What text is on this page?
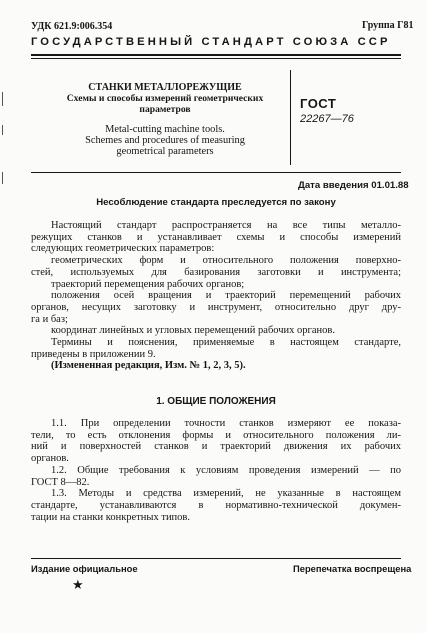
УДК 621.9:006.354	Группа Г81
ГОСУДАРСТВЕННЫЙ СТАНДАРТ СОЮЗА ССР
СТАНКИ МЕТАЛЛОРЕЖУЩИЕ
Схемы и способы измерений геометрических
параметров
Metal-cutting machine tools.
Schemes and procedures of measuring
geometrical parameters
ГОСТ
22267—76
Дата введения 01.01.88
Несоблюдение стандарта преследуется по закону

Настоящий стандарт распространяется на все типы металло-

режущих станков и устанавливает схемы и способы измерений

следующих геометрических параметров:

геометрических форм и относительного положения поверхно-

стей, используемых для базирования заготовки и инструмента;

траекторий перемещения рабочих органов;

положения осей вращения и траекторий перемещений рабочих

органов, несущих заготовку и инструмент, относительно друг дру-

га и баз;

координат линейных и угловых перемещений рабочих органов.

Термины и пояснения, применяемые в настоящем стандарте,

приведены в приложении 9.

(Измененная редакция, Изм. № 1, 2, 3, 5).

1. ОБЩИЕ ПОЛОЖЕНИЯ

1.1. При определении точности станков измеряют ее показа-

тели, то есть отклонения формы и относительного положения ли-

ний и поверхностей станков и траекторий движения их рабочих

органов.

1.2. Общие требования к условиям проведения измерений — по

ГОСТ 8—82.

1.3. Методы и средства измерений, не указанные в настоящем

стандарте, устанавливаются в нормативно-технической докумен-

тации на станки конкретных типов.

Издание официальное	Перепечатка воспрещена
★
